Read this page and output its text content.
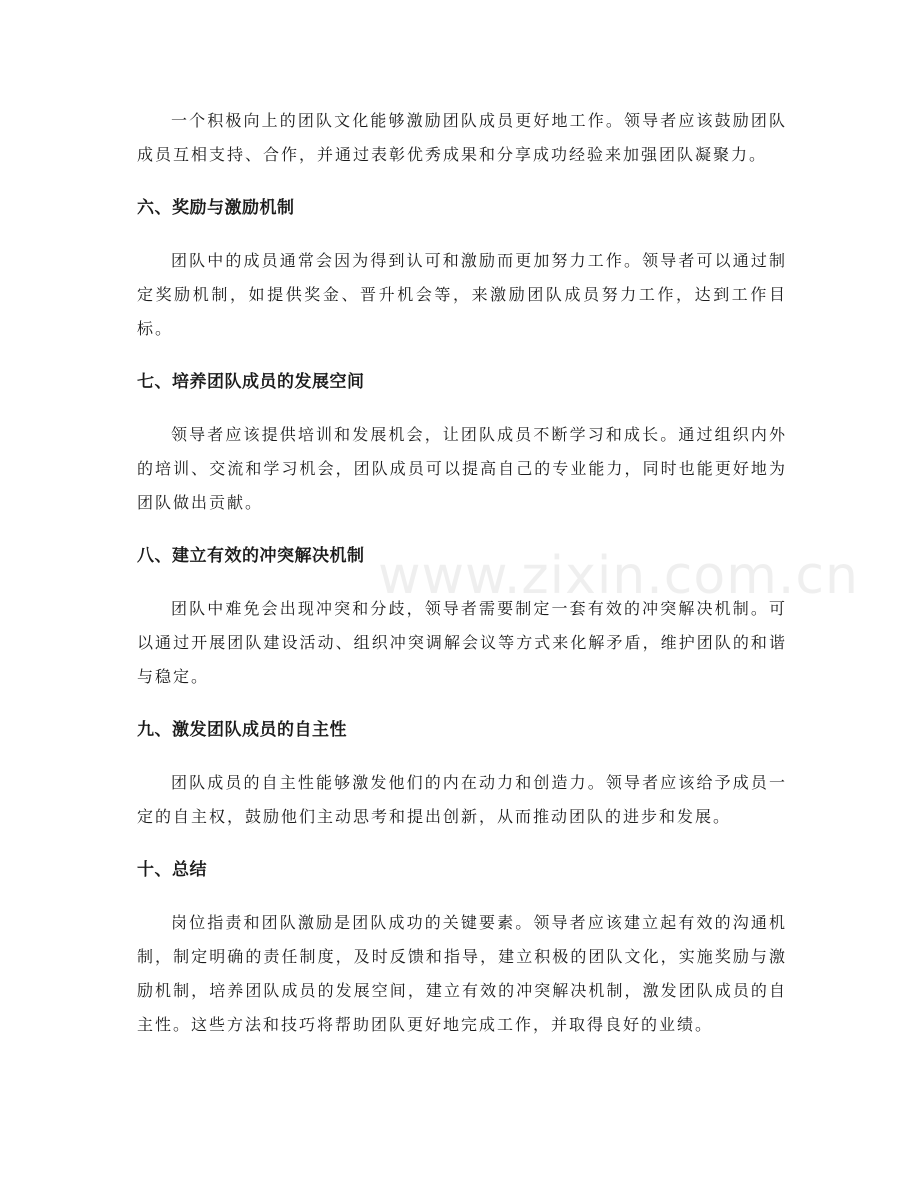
一个积极向上的团队文化能够激励团队成员更好地工作。领导者应该鼓励团队成员互相支持、合作，并通过表彰优秀成果和分享成功经验来加强团队凝聚力。

六、奖励与激励机制

团队中的成员通常会因为得到认可和激励而更加努力工作。领导者可以通过制定奖励机制，如提供奖金、晋升机会等，来激励团队成员努力工作，达到工作目标。

七、培养团队成员的发展空间

领导者应该提供培训和发展机会，让团队成员不断学习和成长。通过组织内外的培训、交流和学习机会，团队成员可以提高自己的专业能力，同时也能更好地为团队做出贡献。

八、建立有效的冲突解决机制

团队中难免会出现冲突和分歧，领导者需要制定一套有效的冲突解决机制。可以通过开展团队建设活动、组织冲突调解会议等方式来化解矛盾，维护团队的和谐与稳定。

九、激发团队成员的自主性

团队成员的自主性能够激发他们的内在动力和创造力。领导者应该给予成员一定的自主权，鼓励他们主动思考和提出创新，从而推动团队的进步和发展。

十、总结

岗位指责和团队激励是团队成功的关键要素。领导者应该建立起有效的沟通机制，制定明确的责任制度，及时反馈和指导，建立积极的团队文化，实施奖励与激励机制，培养团队成员的发展空间，建立有效的冲突解决机制，激发团队成员的自主性。这些方法和技巧将帮助团队更好地完成工作，并取得良好的业绩。

www.zixin.com.cn
